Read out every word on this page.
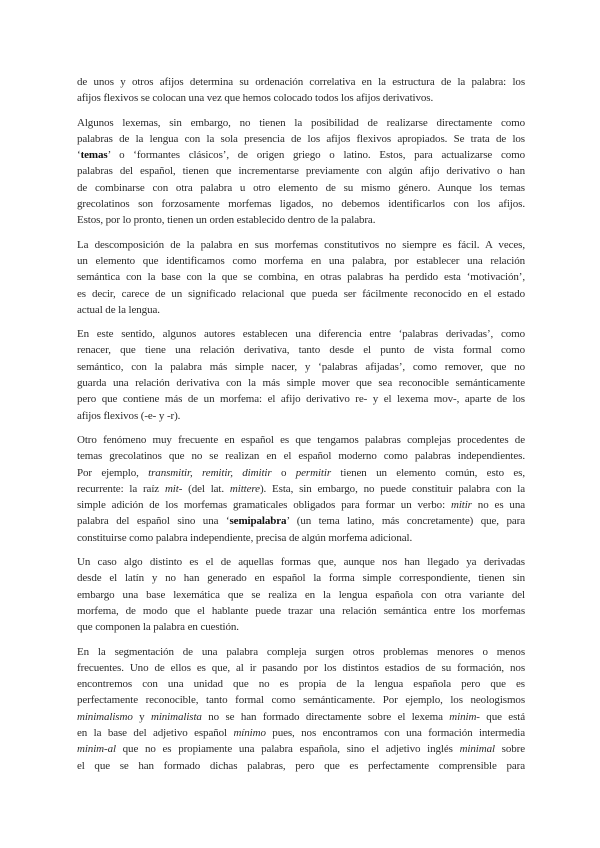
de unos y otros afijos determina su ordenación correlativa en la estructura de la palabra: los
afijos flexivos se colocan una vez que hemos colocado todos los afijos derivativos.
Algunos lexemas, sin embargo, no tienen la posibilidad de realizarse directamente como
palabras de la lengua con la sola presencia de los afijos flexivos apropiados. Se trata de los
‘temas’ o ‘formantes clásicos’, de origen griego o latino. Estos, para actualizarse como
palabras del español, tienen que incrementarse previamente con algún afijo derivativo o han
de combinarse con otra palabra u otro elemento de su mismo género. Aunque los temas
grecolatinos son forzosamente morfemas ligados, no debemos identificarlos con los afijos.
Estos, por lo pronto, tienen un orden establecido dentro de la palabra.
La descomposición de la palabra en sus morfemas constitutivos no siempre es fácil. A veces,
un elemento que identificamos como morfema en una palabra, por establecer una relación
semántica con la base con la que se combina, en otras palabras ha perdido esta ‘motivación’,
es decir, carece de un significado relacional que pueda ser fácilmente reconocido en el estado
actual de la lengua.
En este sentido, algunos autores establecen una diferencia entre ‘palabras derivadas’, como
renacer, que tiene una relación derivativa, tanto desde el punto de vista formal como
semántico, con la palabra más simple nacer, y ‘palabras afijadas’, como remover, que no
guarda una relación derivativa con la más simple mover que sea reconocible semánticamente
pero que contiene más de un morfema: el afijo derivativo re- y el lexema mov-, aparte de los
afijos flexivos (-e- y -r).
Otro fenómeno muy frecuente en español es que tengamos palabras complejas procedentes de
temas grecolatinos que no se realizan en el español moderno como palabras independientes.
Por ejemplo, transmitir, remitir, dimitir o permitir tienen un elemento común, esto es,
recurrente: la raíz mit- (del lat. mittere). Esta, sin embargo, no puede constituir palabra con la
simple adición de los morfemas gramaticales obligados para formar un verbo: mitir no es una
palabra del español sino una ‘semipalabra’ (un tema latino, más concretamente) que, para
constituirse como palabra independiente, precisa de algún morfema adicional.
Un caso algo distinto es el de aquellas formas que, aunque nos han llegado ya derivadas
desde el latín y no han generado en español la forma simple correspondiente, tienen sin
embargo una base lexemática que se realiza en la lengua española con otra variante del
morfema, de modo que el hablante puede trazar una relación semántica entre los morfemas
que componen la palabra en cuestión.
En la segmentación de una palabra compleja surgen otros problemas menores o menos
frecuentes. Uno de ellos es que, al ir pasando por los distintos estadios de su formación, nos
encontremos con una unidad que no es propia de la lengua española pero que es
perfectamente reconocible, tanto formal como semánticamente. Por ejemplo, los neologismos
minimalismo y minimalista no se han formado directamente sobre el lexema minim- que está
en la base del adjetivo español mínimo pues, nos encontramos con una formación intermedia
minim-al que no es propiamente una palabra española, sino el adjetivo inglés minimal sobre
el que se han formado dichas palabras, pero que es perfectamente comprensible para
